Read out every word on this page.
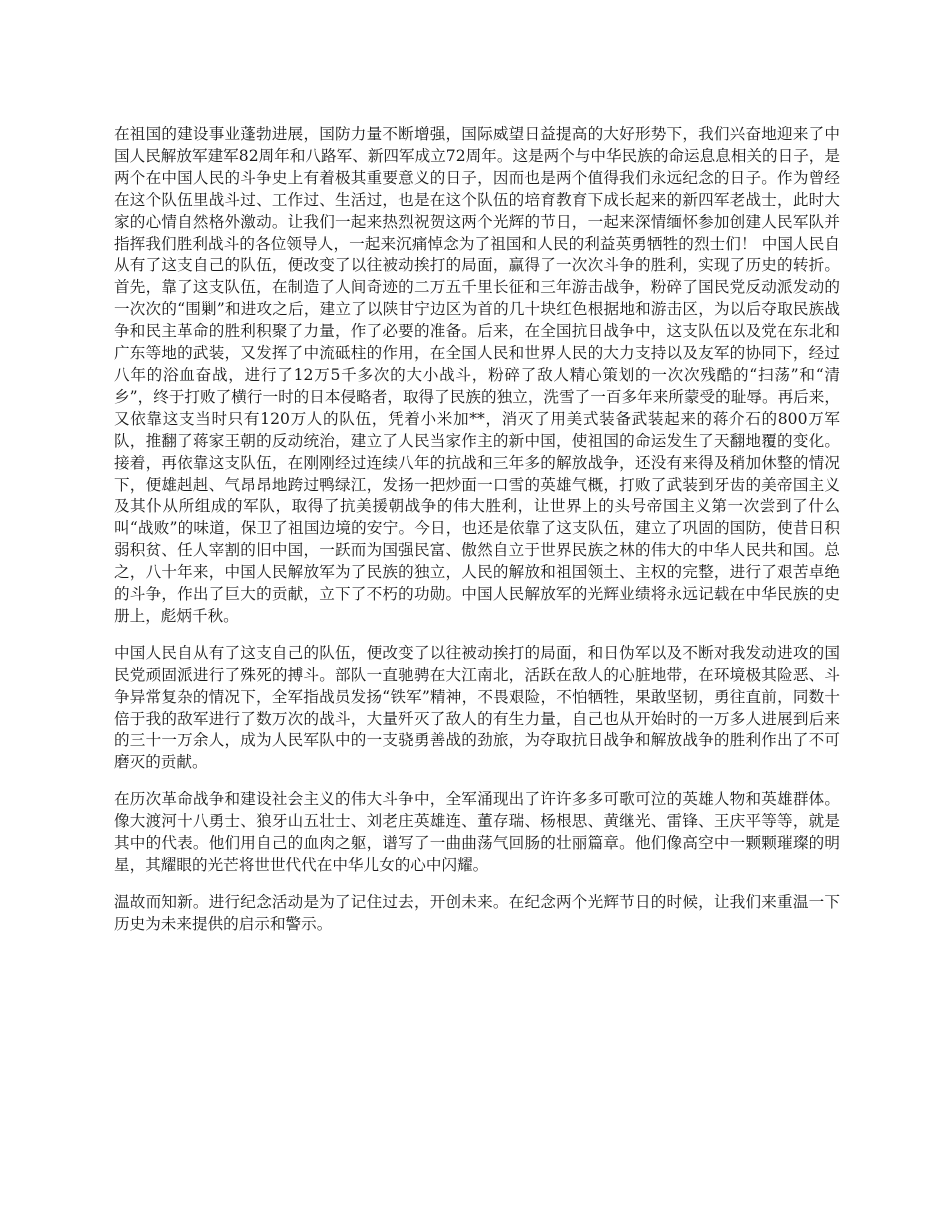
在祖国的建设事业蓬勃进展，国防力量不断增强，国际威望日益提高的大好形势下，我们兴奋地迎来了中国人民解放军建军82周年和八路军、新四军成立72周年。这是两个与中华民族的命运息息相关的日子，是两个在中国人民的斗争史上有着极其重要意义的日子，因而也是两个值得我们永远纪念的日子。作为曾经在这个队伍里战斗过、工作过、生活过，也是在这个队伍的培育教育下成长起来的新四军老战士，此时大家的心情自然格外激动。让我们一起来热烈祝贺这两个光辉的节日，一起来深情缅怀参加创建人民军队并指挥我们胜利战斗的各位领导人，一起来沉痛悼念为了祖国和人民的利益英勇牺牲的烈士们！ 中国人民自从有了这支自己的队伍，便改变了以往被动挨打的局面，赢得了一次次斗争的胜利，实现了历史的转折。首先，靠了这支队伍，在制造了人间奇迹的二万五千里长征和三年游击战争，粉碎了国民党反动派发动的一次次的“围剿”和进攻之后，建立了以陕甘宁边区为首的几十块红色根据地和游击区，为以后夺取民族战争和民主革命的胜利积聚了力量，作了必要的准备。后来，在全国抗日战争中，这支队伍以及党在东北和广东等地的武装，又发挥了中流砥柱的作用，在全国人民和世界人民的大力支持以及友军的协同下，经过八年的浴血奋战，进行了12万5千多次的大小战斗，粉碎了敌人精心策划的一次次残酷的“扫荡”和“清乡”，终于打败了横行一时的日本侵略者，取得了民族的独立，洗雪了一百多年来所蒙受的耻辱。再后来，又依靠这支当时只有120万人的队伍，凭着小米加**，消灭了用美式装备武装起来的蒋介石的800万军队，推翻了蒋家王朝的反动统治，建立了人民当家作主的新中国，使祖国的命运发生了天翻地覆的变化。接着，再依靠这支队伍，在刚刚经过连续八年的抗战和三年多的解放战争，还没有来得及稍加休整的情况下，便雄赳赳、气昂昂地跨过鸭绿江，发扬一把炒面一口雪的英雄气概，打败了武装到牙齿的美帝国主义及其仆从所组成的军队，取得了抗美援朝战争的伟大胜利，让世界上的头号帝国主义第一次尝到了什么叫“战败”的味道，保卫了祖国边境的安宁。今日，也还是依靠了这支队伍，建立了巩固的国防，使昔日积弱积贫、任人宰割的旧中国，一跃而为国强民富、傲然自立于世界民族之林的伟大的中华人民共和国。总之，八十年来，中国人民解放军为了民族的独立，人民的解放和祖国领土、主权的完整，进行了艰苦卓绝的斗争，作出了巨大的贡献，立下了不朽的功勋。中国人民解放军的光辉业绩将永远记载在中华民族的史册上，彪炳千秋。

中国人民自从有了这支自己的队伍，便改变了以往被动挨打的局面，和日伪军以及不断对我发动进攻的国民党顽固派进行了殊死的搏斗。部队一直驰骋在大江南北，活跃在敌人的心脏地带，在环境极其险恶、斗争异常复杂的情况下，全军指战员发扬“铁军”精神，不畏艰险，不怕牺牲，果敢坚韧，勇往直前，同数十倍于我的敌军进行了数万次的战斗，大量歼灭了敌人的有生力量，自己也从开始时的一万多人进展到后来的三十一万余人，成为人民军队中的一支骁勇善战的劲旅，为夺取抗日战争和解放战争的胜利作出了不可磨灭的贡献。

在历次革命战争和建设社会主义的伟大斗争中，全军涌现出了许许多多可歌可泣的英雄人物和英雄群体。像大渡河十八勇士、狼牙山五壮士、刘老庄英雄连、董存瑞、杨根思、黄继光、雷锋、王庆平等等，就是其中的代表。他们用自己的血肉之躯，谱写了一曲曲荡气回肠的壮丽篇章。他们像高空中一颗颗璀璨的明星，其耀眼的光芒将世世代代在中华儿女的心中闪耀。

温故而知新。进行纪念活动是为了记住过去，开创未来。在纪念两个光辉节日的时候，让我们来重温一下历史为未来提供的启示和警示。
